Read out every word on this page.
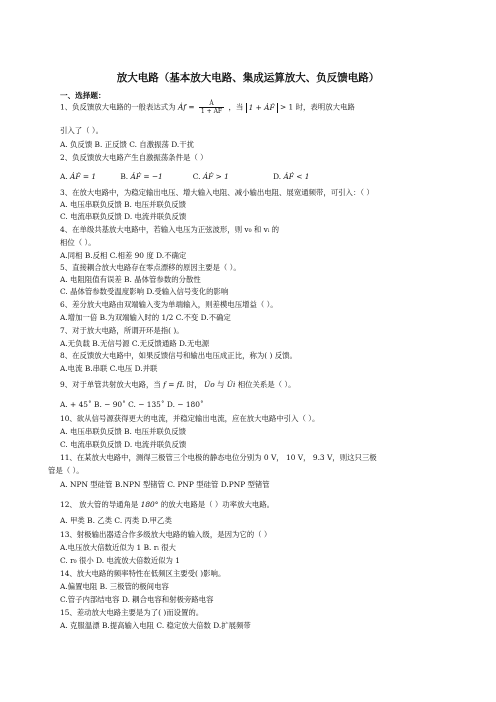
放大电路（基本放大电路、集成运算放大、负反馈电路）
一、选择题：
1、负反馈放大电路的一般表达式为 Ȧf = $\frac{Ȧ}{\text{1 + ȦḞ}}$ ，当 1 + ȦḞ > 1 时，表明放大电路
引入了（ ）。
A. 负反馈 B. 正反馈 C. 自激振荡 D.干扰
2、负反馈放大电路产生自激振荡条件是（ ）
A. ȦḞ = 1	B. ȦḞ = −1	C. ȦḞ > 1	D. ȦḞ < 1
3、在放大电路中，为稳定输出电压、增大输入电阻、减小输出电阻、展宽通频带，可引入：（ ）
A. 电压串联负反馈 B. 电压并联负反馈
C. 电流串联负反馈 D. 电流并联负反馈
4、在单级共基放大电路中，若输入电压为正弦波形，则 v₀ 和 vᵢ 的
相位（ ）。
A.同相 B.反相 C.相差 90 度 D.不确定
5、直接耦合放大电路存在零点漂移的原因主要是（ ）。
A. 电阻阻值有误差 B. 晶体管参数的分散性
C. 晶体管参数受温度影响 D.受输入信号变化的影响
6、差分放大电路由双端输入变为单端输入，则差模电压增益（ ）。
A.增加一倍 B.为双端输入时的 1/2 C.不变 D.不确定
7、对于放大电路，所谓开环是指( )。
A.无负载 B.无信号源 C.无反馈通路 D.无电源
8、在反馈放大电路中，如果反馈信号和输出电压成正比，称为( ) 反馈。
A.电流 B.串联 C.电压 D.并联
9、对于单管共射放大电路，当 f = fL 时， U̇o 与 U̇i 相位关系是（ ）。
A. + 45˚ B. − 90˚ C. − 135˚ D. − 180˚
10、欲从信号源获得更大的电流，并稳定输出电流，应在放大电路中引入（ ）。
A. 电压串联负反馈 B. 电压并联负反馈
C. 电流串联负反馈 D. 电流并联负反馈
11、在某放大电路中，测得三极管三个电极的静态电位分别为 0 V， 10 V， 9.3 V，则这只三极
管是（ ）。
A. NPN 型硅管 B.NPN 型锗管 C. PNP 型硅管 D.PNP 型锗管
12、 放大管的导通角是 180° 的放大电路是（ ）功率放大电路。
A. 甲类 B. 乙类 C. 丙类 D.甲乙类
13、射极输出器适合作多级放大电路的输入级，是因为它的（ ）
A.电压放大倍数近似为 1 B. rᵢ 很大
C. r₀ 很小 D. 电流放大倍数近似为 1
14、放大电路的频率特性在低频区主要受( )影响。
A.偏置电阻 B. 三极管的极间电容
C.管子内部结电容 D. 耦合电容和射极旁路电容
15、差动放大电路主要是为了( )而设置的。
A. 克服温漂 B.提高输入电阻 C. 稳定放大倍数 D.扩展频带
